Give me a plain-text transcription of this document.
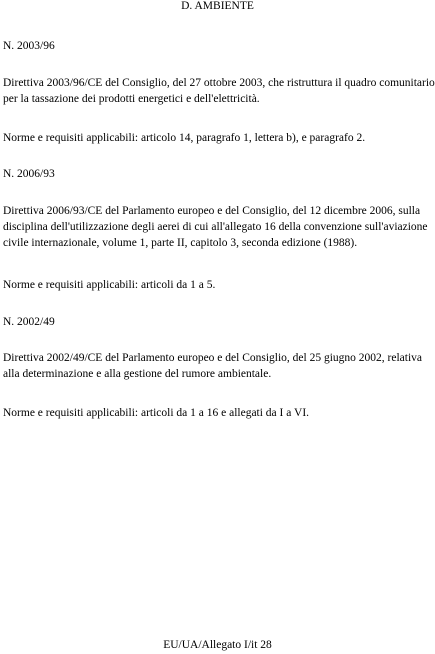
D. AMBIENTE

N. 2003/96

Direttiva 2003/96/CE del Consiglio, del 27 ottobre 2003, che ristruttura il quadro comunitario per la tassazione dei prodotti energetici e dell'elettricità.

Norme e requisiti applicabili: articolo 14, paragrafo 1, lettera b), e paragrafo 2.

N. 2006/93

Direttiva 2006/93/CE del Parlamento europeo e del Consiglio, del 12 dicembre 2006, sulla disciplina dell'utilizzazione degli aerei di cui all'allegato 16 della convenzione sull'aviazione civile internazionale, volume 1, parte II, capitolo 3, seconda edizione (1988).

Norme e requisiti applicabili: articoli da 1 a 5.

N. 2002/49

Direttiva 2002/49/CE del Parlamento europeo e del Consiglio, del 25 giugno 2002, relativa alla determinazione e alla gestione del rumore ambientale.

Norme e requisiti applicabili: articoli da 1 a 16 e allegati da I a VI.

EU/UA/Allegato I/it 28
